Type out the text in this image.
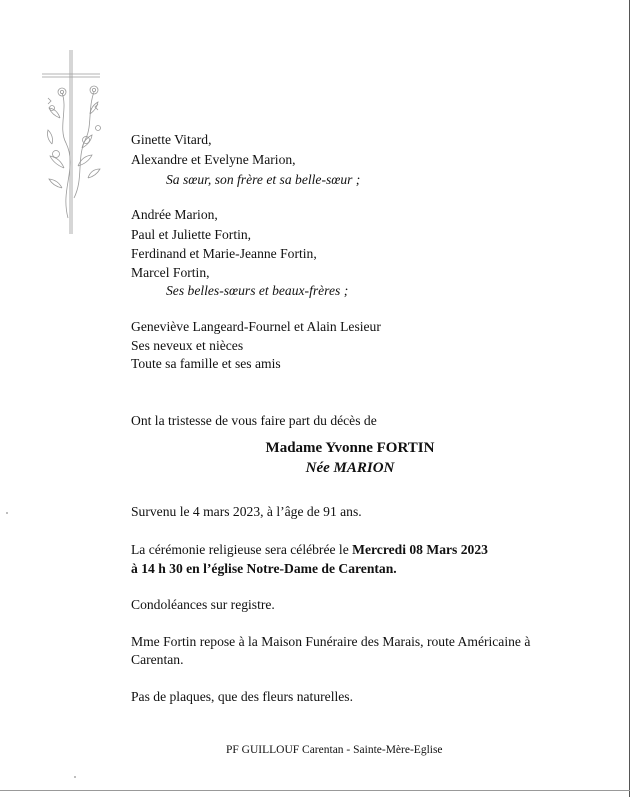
Ginette Vitard,
Alexandre et Evelyne Marion,
Sa sœur, son frère et sa belle-sœur ;
Andrée Marion,
Paul et Juliette Fortin,
Ferdinand et Marie-Jeanne Fortin,
Marcel Fortin,
Ses belles-sœurs et beaux-frères ;
Geneviève Langeard-Fournel et Alain Lesieur
Ses neveux et nièces
Toute sa famille et ses amis
Ont la tristesse de vous faire part du décès de
Madame Yvonne FORTIN
Née MARION
Survenu le 4 mars 2023, à l’âge de 91 ans.
La cérémonie religieuse sera célébrée le Mercredi 08 Mars 2023
à 14 h 30 en l’église Notre-Dame de Carentan.
Condoléances sur registre.
Mme Fortin repose à la Maison Funéraire des Marais, route Américaine à
Carentan.
Pas de plaques, que des fleurs naturelles.
PF GUILLOUF Carentan - Sainte-Mère-Eglise
